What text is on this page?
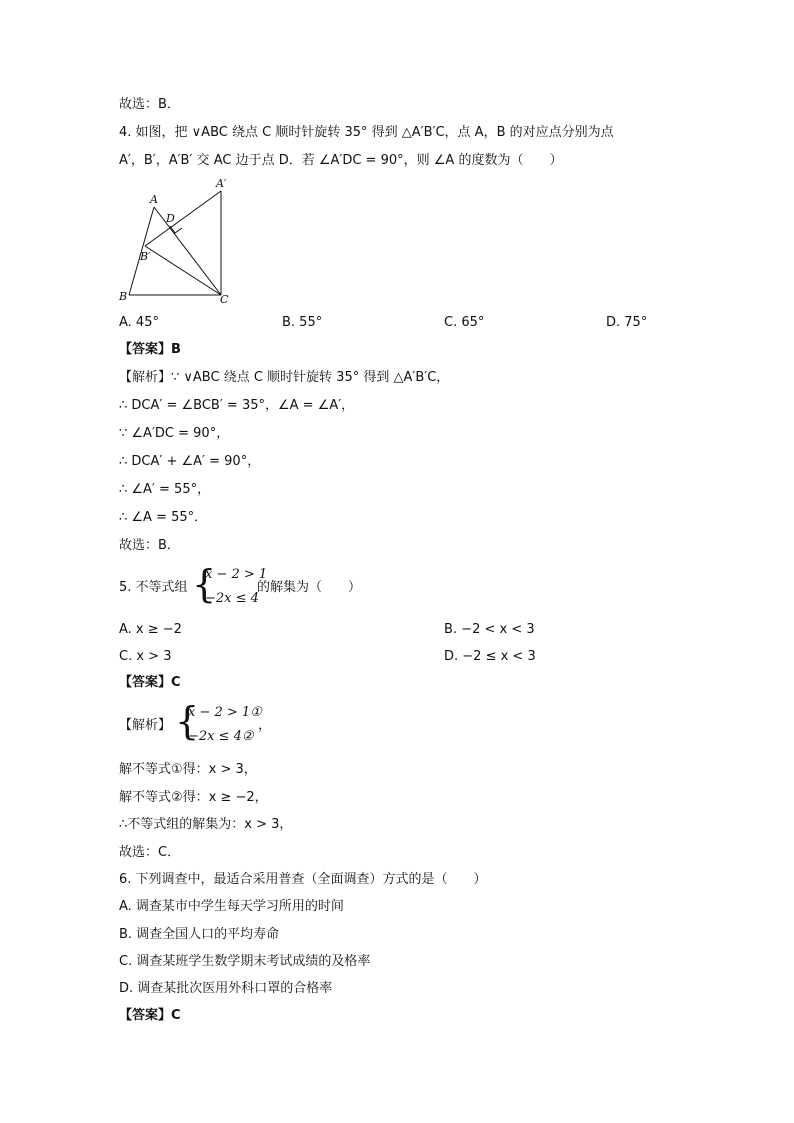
故选：B．
4. 如图，把 ∨ABC 绕点 C 顺时针旋转 35° 得到 △A′B′C，点 A，B 的对应点分别为点
A′，B′，A′B′ 交 AC 边于点 D．若 ∠A′DC = 90°，则 ∠A 的度数为（　　）
A
A′
D
B′
B	C
A. 45°	B. 55°	C. 65°	D. 75°
【答案】B
【解析】∵ ∨ABC 绕点 C 顺时针旋转 35° 得到 △A′B′C，
∴ DCA′ = ∠BCB′ = 35°，∠A = ∠A′，
∵ ∠A′DC = 90°，
∴ DCA′ + ∠A′ = 90°，
∴ ∠A′ = 55°，
∴ ∠A = 55°．
故选：B．
5. 不等式组 {
x − 2 > 1
−2x ≤ 4
的解集为（　　）
A. x ≥ −2	B. −2 < x < 3
C. x > 3	D. −2 ≤ x < 3
【答案】C
【解析】 {
x − 2 > 1①
−2x ≤ 4②
，
解不等式①得：x > 3，
解不等式②得：x ≥ −2，
∴不等式组的解集为：x > 3，
故选：C．
6. 下列调查中，最适合采用普查（全面调查）方式的是（　　）
A. 调查某市中学生每天学习所用的时间
B. 调查全国人口的平均寿命
C. 调查某班学生数学期末考试成绩的及格率
D. 调查某批次医用外科口罩的合格率
【答案】C
